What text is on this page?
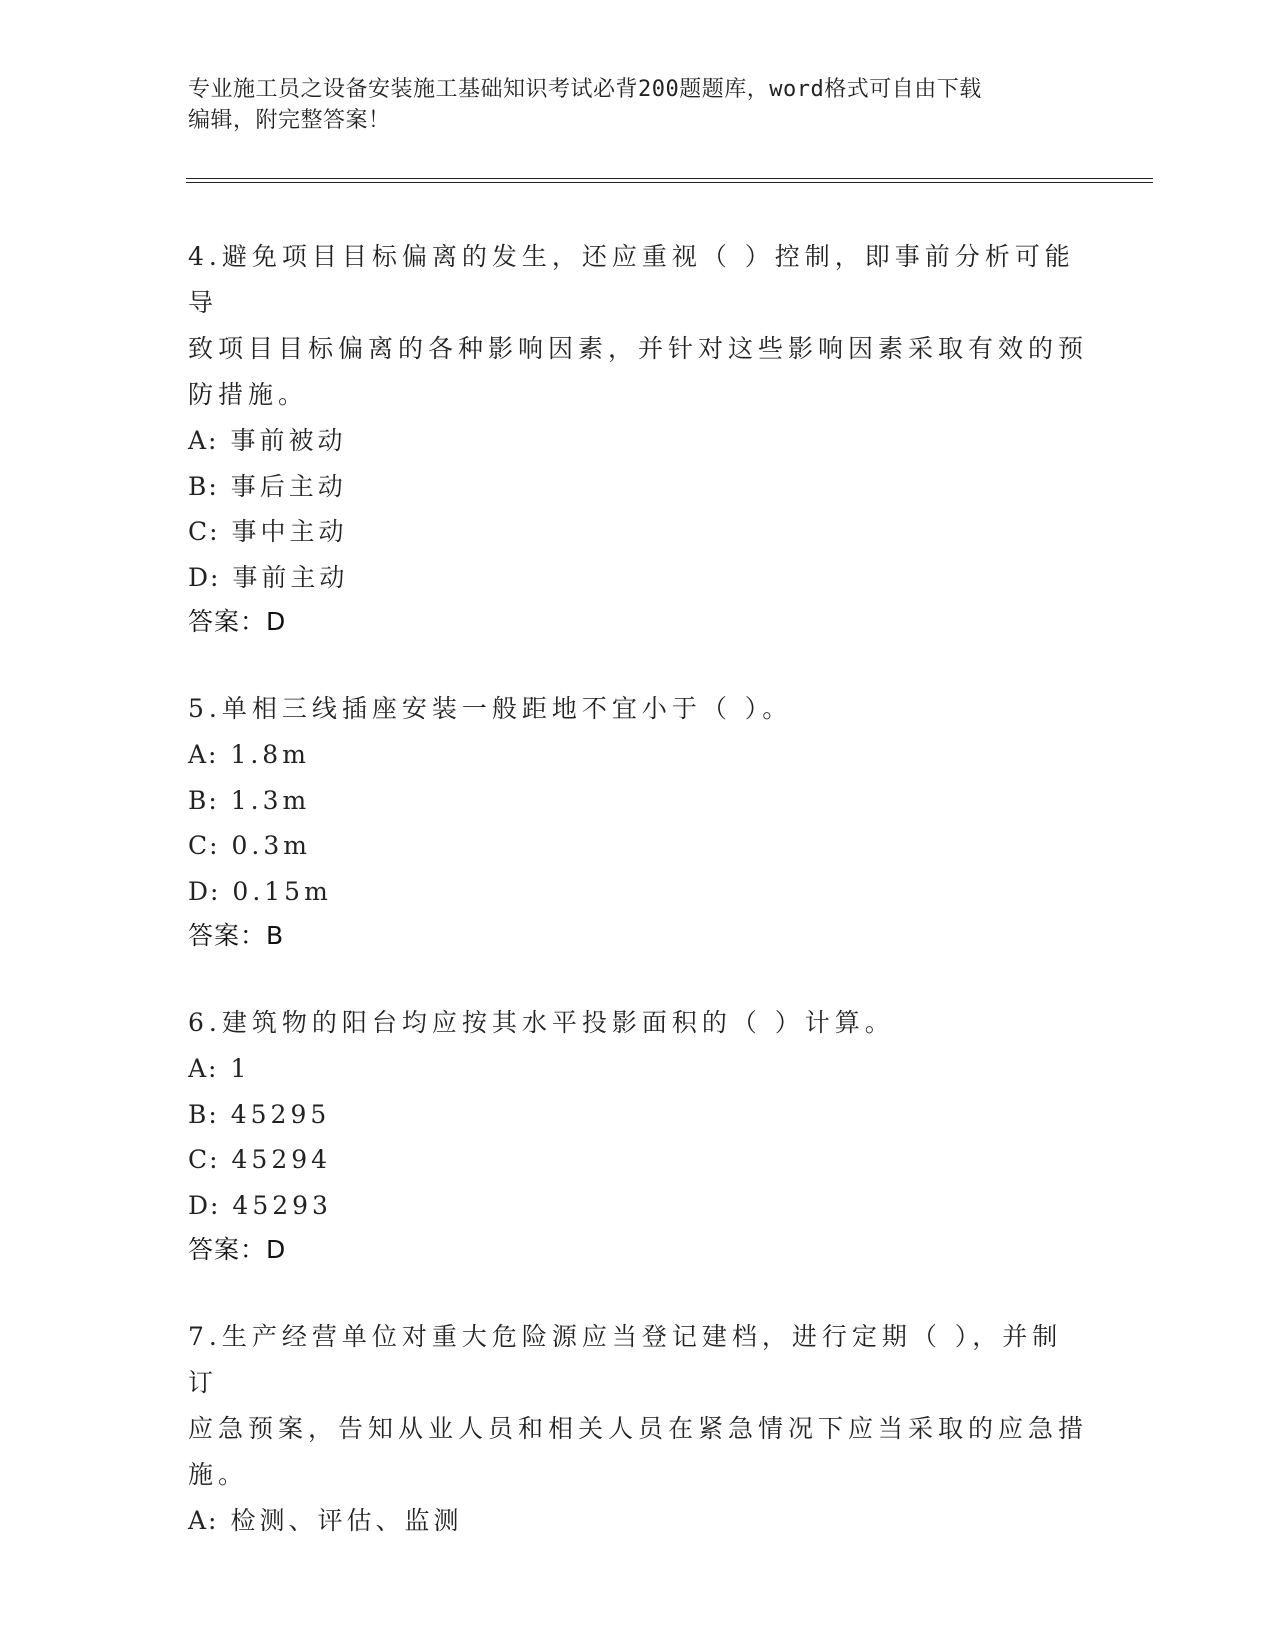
专业施工员之设备安装施工基础知识考试必背200题题库，word格式可自由下载
编辑，附完整答案！

4.避免项目目标偏离的发生，还应重视（ ）控制，即事前分析可能导

致项目目标偏离的各种影响因素，并针对这些影响因素采取有效的预

防措施。

A: 事前被动

B: 事后主动

C: 事中主动

D: 事前主动

答案：D

5.单相三线插座安装一般距地不宜小于（ ）。

A: 1.8m

B: 1.3m

C: 0.3m

D: 0.15m

答案：B

6.建筑物的阳台均应按其水平投影面积的（ ）计算。

A: 1

B: 45295

C: 45294

D: 45293

答案：D

7.生产经营单位对重大危险源应当登记建档，进行定期（ ），并制订

应急预案，告知从业人员和相关人员在紧急情况下应当采取的应急措

施。

A: 检测、评估、监测
